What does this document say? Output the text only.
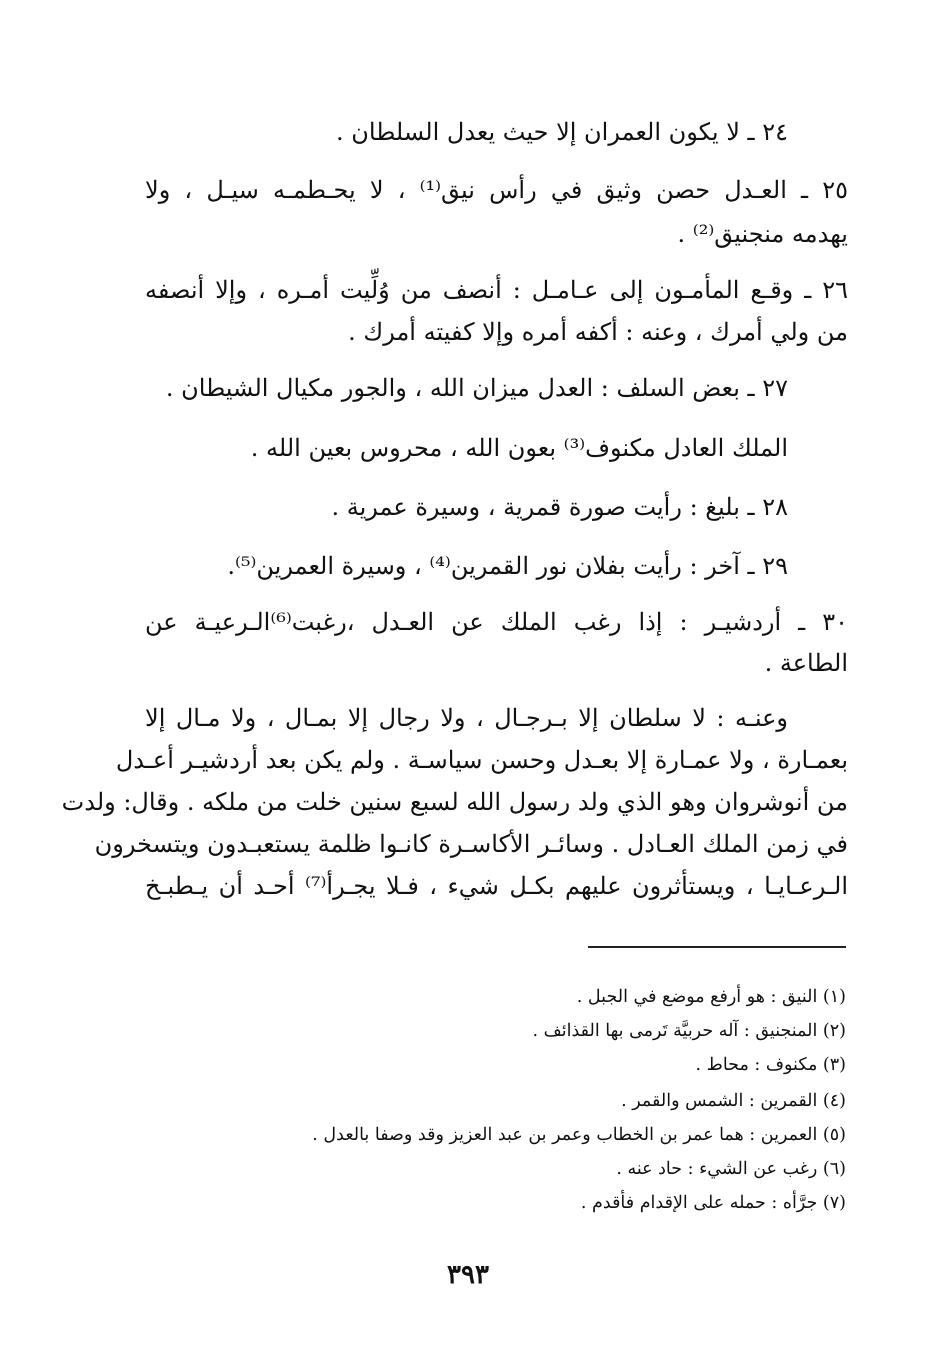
٢٤ ـ لا يكون العمران إلا حيث يعدل السلطان .
٢٥ ـ العـدل حصن وثيق في رأس نيق⁽¹⁾ ، لا يحـطمـه سيـل ، ولا
يهدمه منجنيق⁽²⁾ .
٢٦ ـ وقـع المأمـون إلى عـامـل : أنصف من وُلِّيت أمـره ، وإلا أنصفه
من ولي أمرك ، وعنه : أكفه أمره وإلا كفيته أمرك .
٢٧ ـ بعض السلف : العدل ميزان الله ، والجور مكيال الشيطان .
الملك العادل مكنوف⁽³⁾ بعون الله ، محروس بعين الله .
٢٨ ـ بليغ : رأيت صورة قمرية ، وسيرة عمرية .
٢٩ ـ آخر : رأيت بفلان نور القمرين⁽⁴⁾ ، وسيرة العمرين⁽⁵⁾.
٣٠ ـ أردشيـر : إذا رغب الملك عن العـدل ،رغبت⁽⁶⁾الـرعيـة عن
الطاعة .
وعنـه : لا سلطان إلا بـرجـال ، ولا رجال إلا بمـال ، ولا مـال إلا
بعمـارة ، ولا عمـارة إلا بعـدل وحسن سياسـة . ولم يكن بعد أردشيـر أعـدل
من أنوشروان وهو الذي ولد رسول الله لسبع سنين خلت من ملكه . وقال: ولدت
في زمن الملك العـادل . وسائـر الأكاسـرة كانـوا ظلمة يستعبـدون ويتسخرون
الـرعـايـا ، ويستأثرون عليهم بكـل شيء ، فـلا يجـرأ⁽⁷⁾ أحـد أن يـطبـخ
(١) النيق : هو أرفع موضع في الجبل .
(٢) المنجنيق : آله حربيَّة تَرمى بها القذائف .
(٣) مكنوف : محاط .
(٤) القمرين : الشمس والقمر .
(٥) العمرين : هما عمر بن الخطاب وعمر بن عبد العزيز وقد وصفا بالعدل .
(٦) رغب عن الشيء : حاد عنه .
(٧) جرَّأه : حمله على الإقدام فأقدم .
٣٩٣
